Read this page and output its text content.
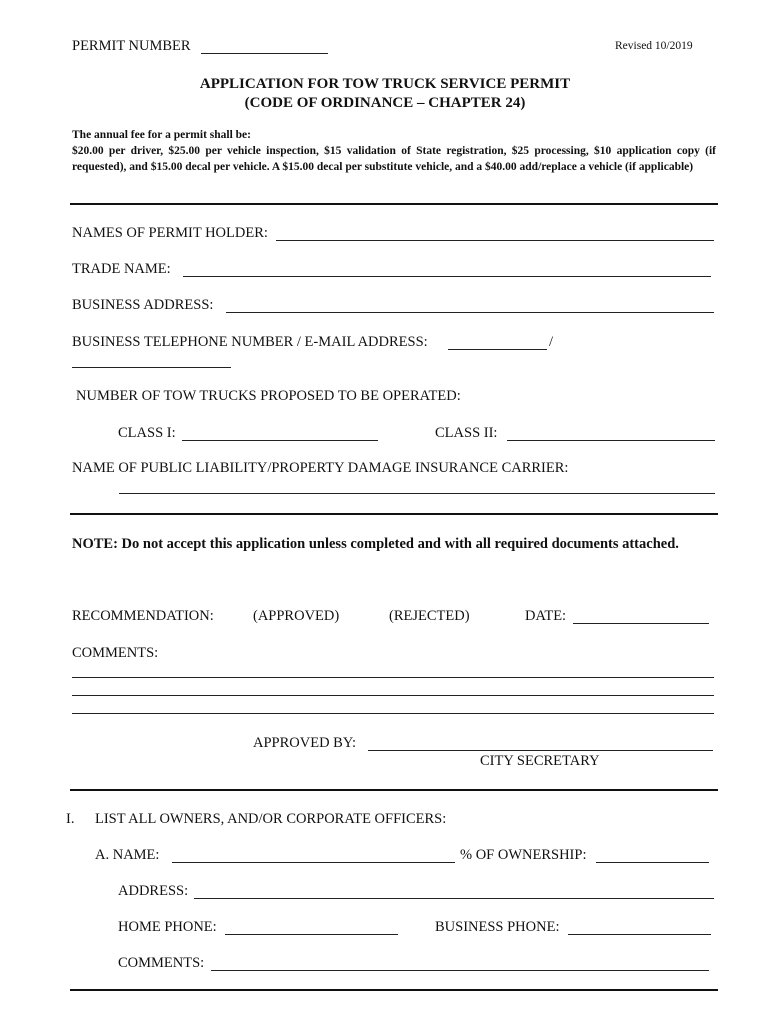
PERMIT NUMBER	Revised 10/2019
APPLICATION FOR TOW TRUCK SERVICE PERMIT
(CODE OF ORDINANCE – CHAPTER 24)
The annual fee for a permit shall be:
$20.00 per driver, $25.00 per vehicle inspection, $15 validation of State registration, $25 processing, $10 application copy (if requested), and $15.00 decal per vehicle. A $15.00 decal per substitute vehicle, and a $40.00 add/replace a vehicle (if applicable)
NAMES OF PERMIT HOLDER:
TRADE NAME:
BUSINESS ADDRESS:
BUSINESS TELEPHONE NUMBER / E-MAIL ADDRESS:	/
NUMBER OF TOW TRUCKS PROPOSED TO BE OPERATED:
CLASS I:	CLASS II:
NAME OF PUBLIC LIABILITY/PROPERTY DAMAGE INSURANCE CARRIER:
NOTE: Do not accept this application unless completed and with all required documents attached.
RECOMMENDATION:	(APPROVED)	(REJECTED)	DATE:
COMMENTS:
APPROVED BY:
CITY SECRETARY
I. LIST ALL OWNERS, AND/OR CORPORATE OFFICERS:
A. NAME:	% OF OWNERSHIP:
ADDRESS:
HOME PHONE:	BUSINESS PHONE:
COMMENTS:
